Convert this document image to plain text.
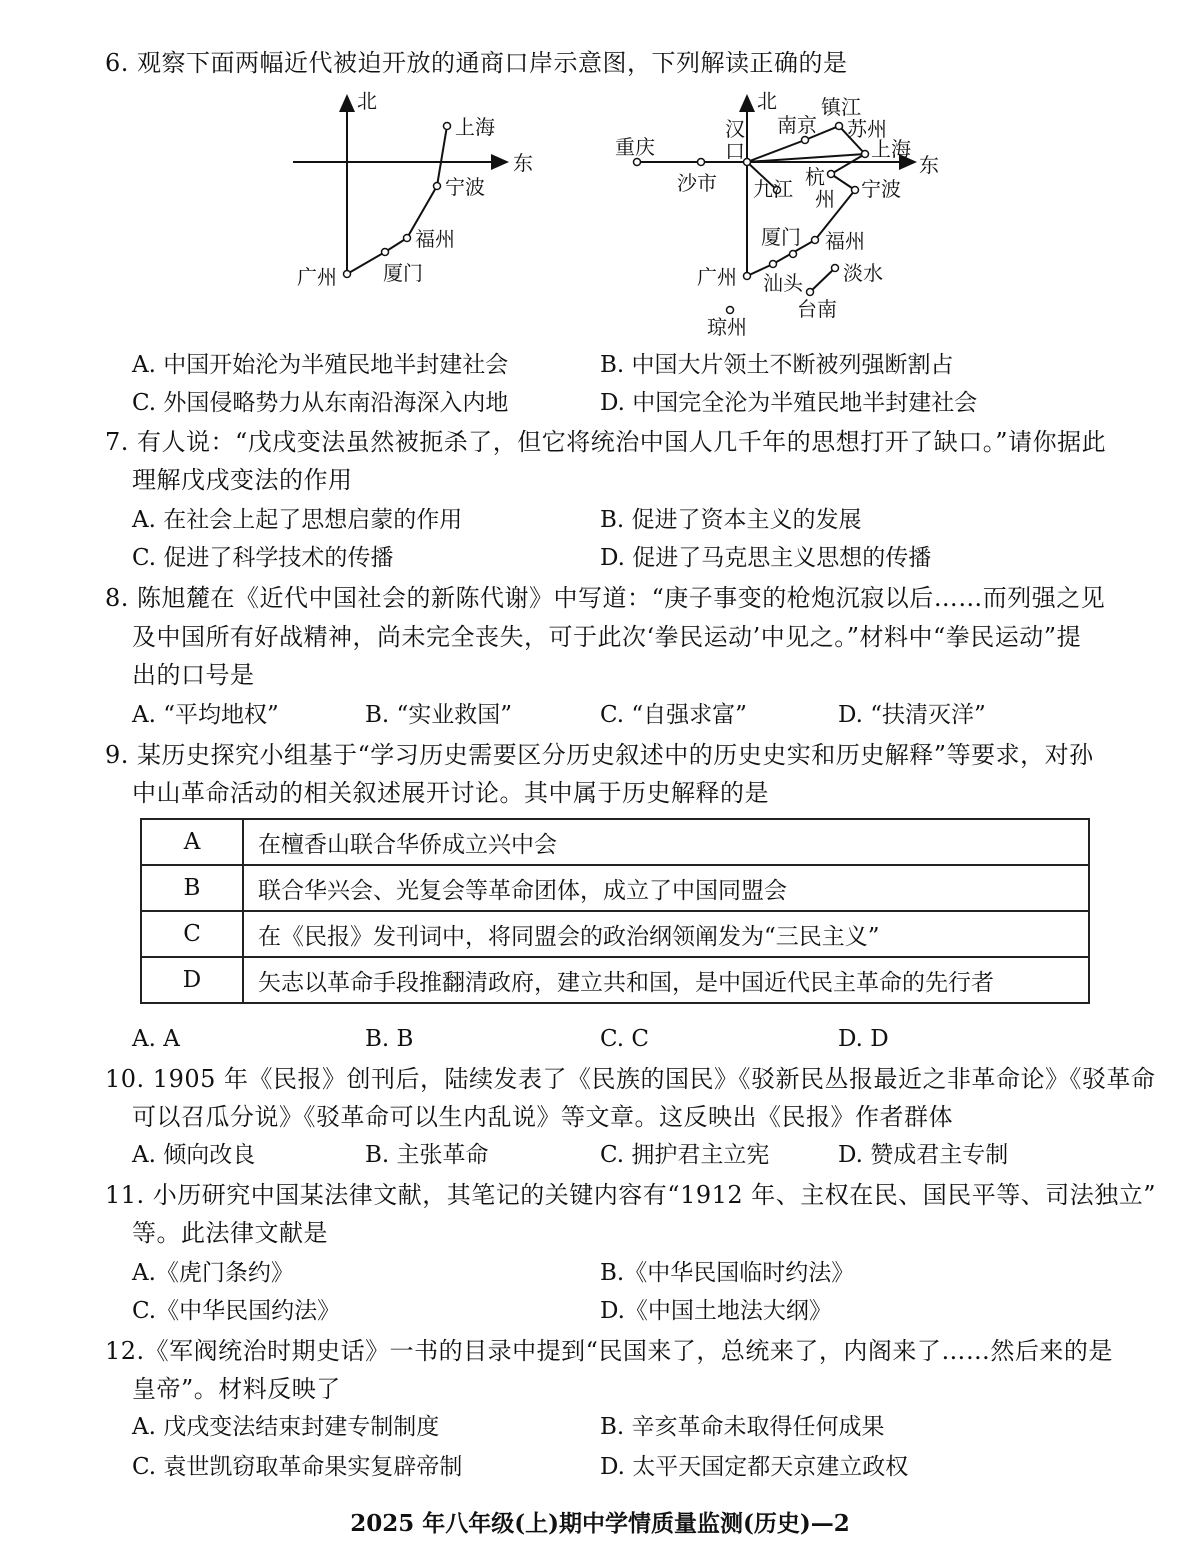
6. 观察下面两幅近代被迫开放的通商口岸示意图，下列解读正确的是
北
东
上海
宁波
福州
厦门
广州
北
东
重庆
沙市
汉
口
南京
镇江
苏州
上海
九江 杭
州 宁波
厦门 福州
广州 汕头 淡水
台南
琼州
A. 中国开始沦为半殖民地半封建社会	B. 中国大片领土不断被列强断割占
C. 外国侵略势力从东南沿海深入内地	D. 中国完全沦为半殖民地半封建社会
7. 有人说：“戊戌变法虽然被扼杀了，但它将统治中国人几千年的思想打开了缺口。”请你据此
理解戊戌变法的作用
A. 在社会上起了思想启蒙的作用	B. 促进了资本主义的发展
C. 促进了科学技术的传播	D. 促进了马克思主义思想的传播
8. 陈旭麓在《近代中国社会的新陈代谢》中写道：“庚子事变的枪炮沉寂以后……而列强之见
及中国所有好战精神，尚未完全丧失，可于此次‘拳民运动’中见之。”材料中“拳民运动”提
出的口号是
A. “平均地权”	B. “实业救国”	C. “自强求富”	D. “扶清灭洋”
9. 某历史探究小组基于“学习历史需要区分历史叙述中的历史史实和历史解释”等要求，对孙
中山革命活动的相关叙述展开讨论。其中属于历史解释的是
A	在檀香山联合华侨成立兴中会
B	联合华兴会、光复会等革命团体，成立了中国同盟会
C	在《民报》发刊词中，将同盟会的政治纲领阐发为“三民主义”
D	矢志以革命手段推翻清政府，建立共和国，是中国近代民主革命的先行者
A. A	B. B	C. C	D. D
10. 1905 年《民报》创刊后，陆续发表了《民族的国民》《驳新民丛报最近之非革命论》《驳革命
可以召瓜分说》《驳革命可以生内乱说》等文章。这反映出《民报》作者群体
A. 倾向改良	B. 主张革命	C. 拥护君主立宪	D. 赞成君主专制
11. 小历研究中国某法律文献，其笔记的关键内容有“1912 年、主权在民、国民平等、司法独立”
等。此法律文献是
A.《虎门条约》	B.《中华民国临时约法》
C.《中华民国约法》	D.《中国土地法大纲》
12.《军阀统治时期史话》一书的目录中提到“民国来了，总统来了，内阁来了……然后来的是
皇帝”。材料反映了
A. 戊戌变法结束封建专制制度	B. 辛亥革命未取得任何成果
C. 袁世凯窃取革命果实复辟帝制	D. 太平天国定都天京建立政权
2025 年八年级(上)期中学情质量监测(历史)—2
